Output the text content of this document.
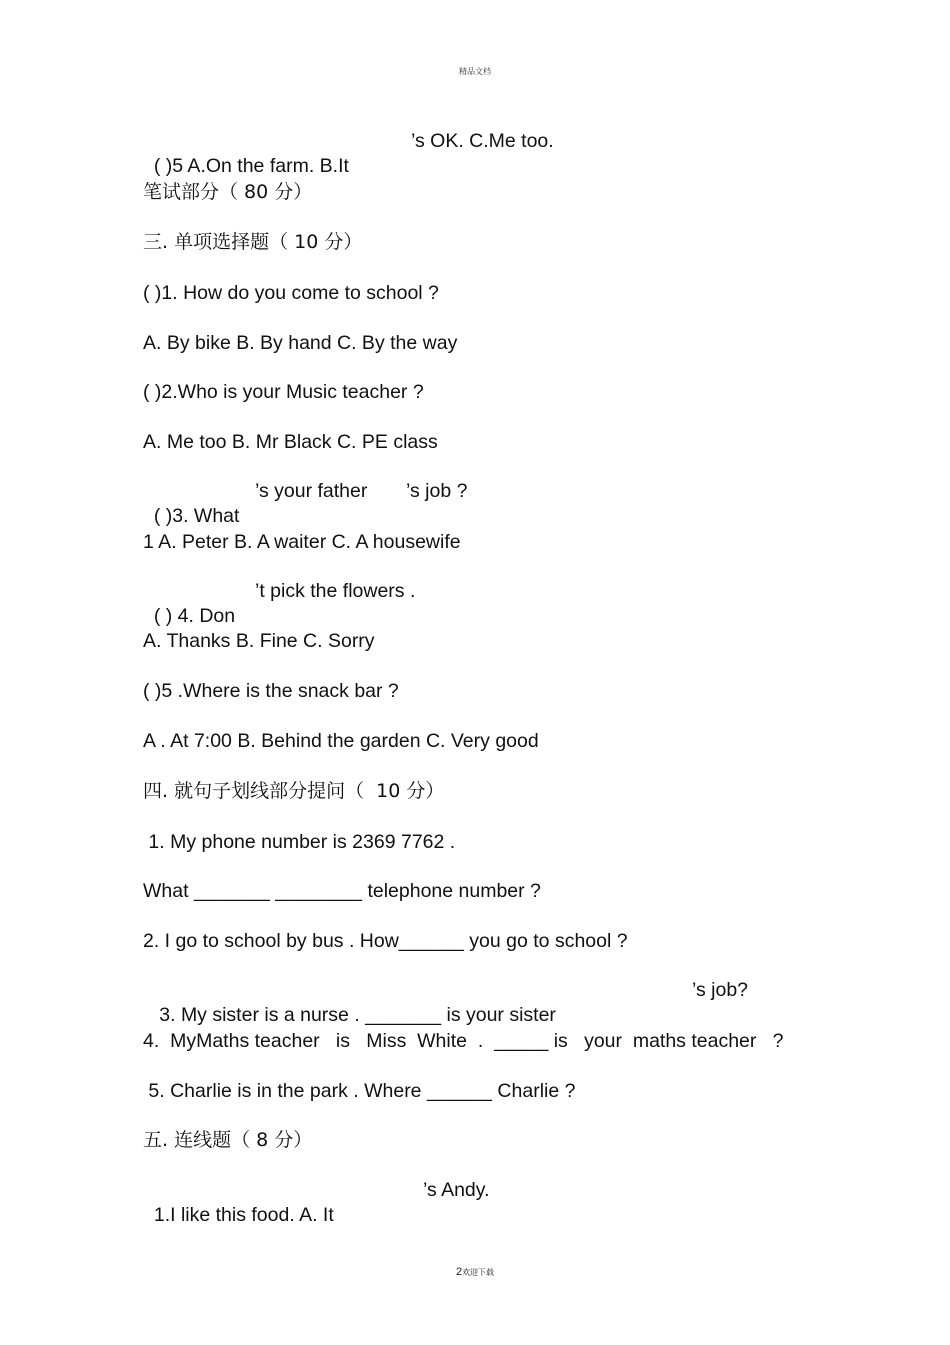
精品文档

( )5 A.On the farm. B.It

’s OK. C.Me too.
笔试部分（ 80 分）
三. 单项选择题（ 10 分）
( )1. How do you come to school ?
A. By bike B. By hand C. By the way
( )2.Who is your Music teacher ?
A. Me too B. Mr Black C. PE class

( )3. What

’s your father ’s job ?
1 A. Peter B. A waiter C. A housewife

( ) 4. Don

’t pick the flowers .
A. Thanks B. Fine C. Sorry
( )5 .Where is the snack bar ?
A . At 7:00 B. Behind the garden C. Very good
四. 就句子划线部分提问（  10 分）
1. My phone number is 2369 7762 .
What _______ ________ telephone number ?
2. I go to school by bus . How______ you go to school ?

3. My sister is a nurse . _______ is your sister

’s job?
4.  MyMaths teacher   is   Miss  White  .  _____ is   your  maths teacher   ?
5. Charlie is in the park . Where ______ Charlie ?
五. 连线题（ 8 分）

1.I like this food. A. It

’s Andy.
2欢迎下载
